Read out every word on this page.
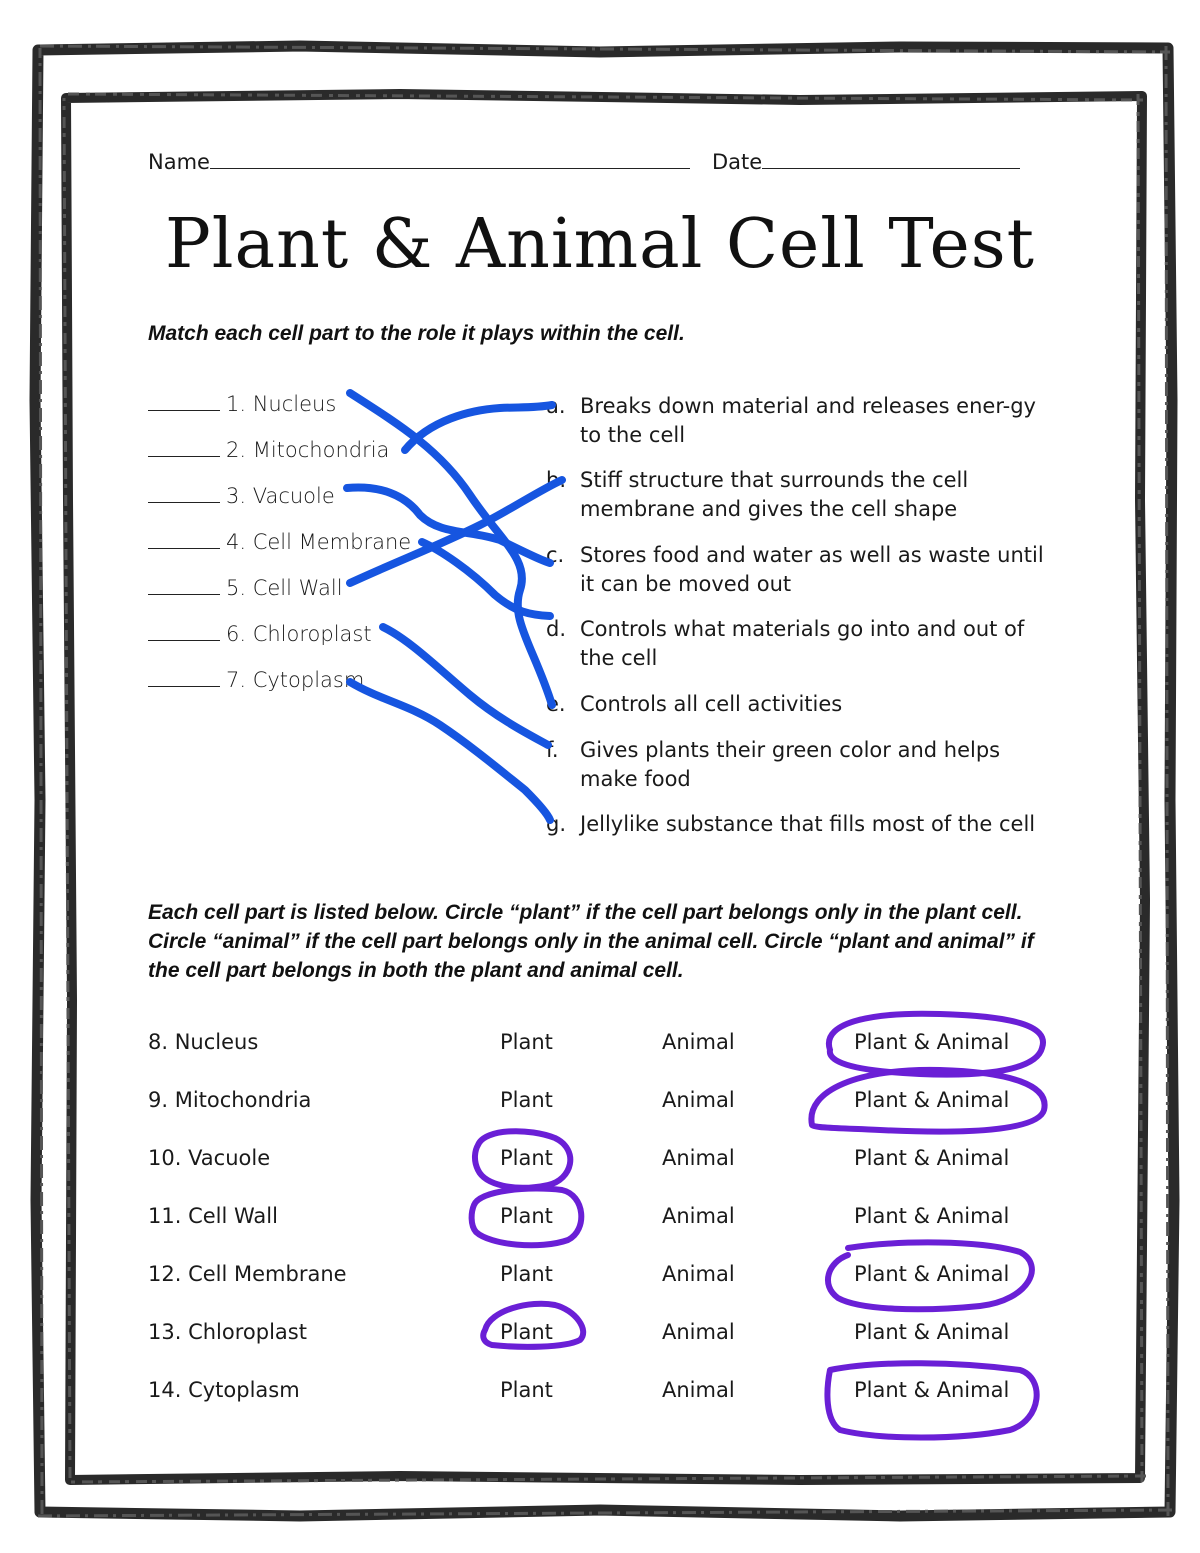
Name	Date
Plant & Animal Cell Test
Match each cell part to the role it plays within the cell.
1. Nucleus
2. Mitochondria
3. Vacuole
4. Cell Membrane
5. Cell Wall
6. Chloroplast
7. Cytoplasm
a. Breaks down material and releases ener-gy to the cell
b. Stiff structure that surrounds the cell membrane and gives the cell shape
c. Stores food and water as well as waste until it can be moved out
d. Controls what materials go into and out of the cell
e. Controls all cell activities
f. Gives plants their green color and helps make food
g. Jellylike substance that fills most of the cell
Each cell part is listed below. Circle “plant” if the cell part belongs only in the plant cell. Circle “animal” if the cell part belongs only in the animal cell. Circle “plant and animal” if the cell part belongs in both the plant and animal cell.
8. Nucleus	Plant	Animal	Plant & Animal
9. Mitochondria	Plant	Animal	Plant & Animal
10. Vacuole	Plant	Animal	Plant & Animal
11. Cell Wall	Plant	Animal	Plant & Animal
12. Cell Membrane	Plant	Animal	Plant & Animal
13. Chloroplast	Plant	Animal	Plant & Animal
14. Cytoplasm	Plant	Animal	Plant & Animal
